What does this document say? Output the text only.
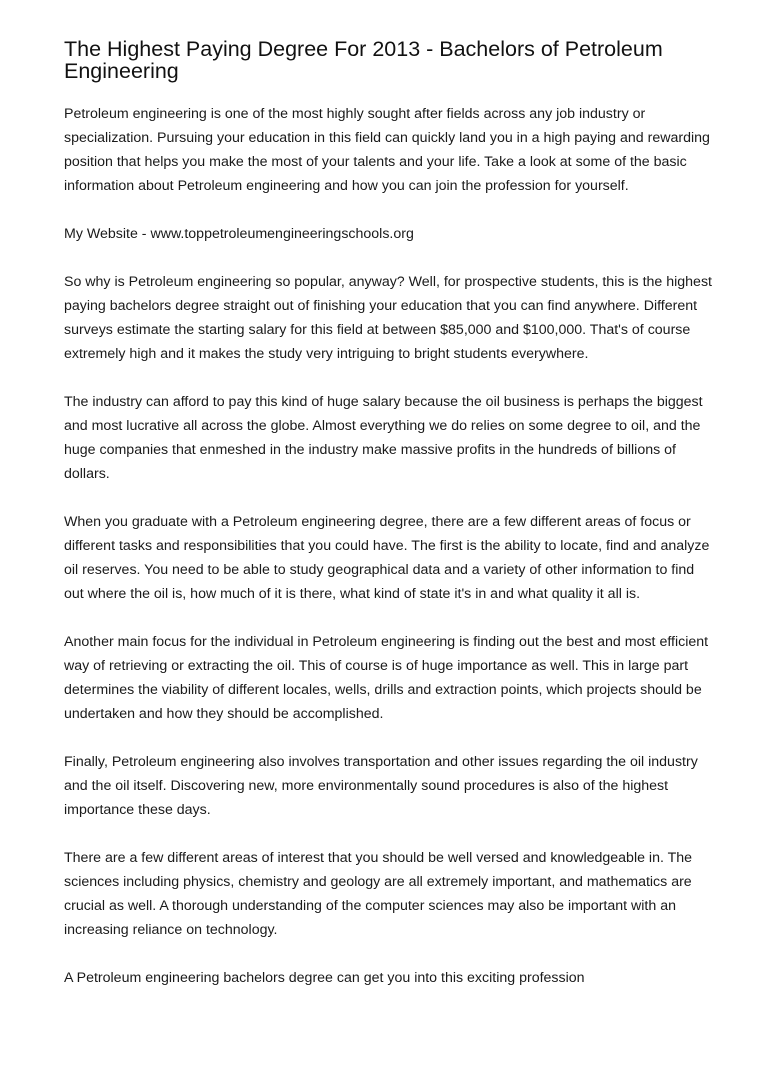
The Highest Paying Degree For 2013 - Bachelors of Petroleum Engineering

Petroleum engineering is one of the most highly sought after fields across any job industry or specialization. Pursuing your education in this field can quickly land you in a high paying and rewarding position that helps you make the most of your talents and your life. Take a look at some of the basic information about Petroleum engineering and how you can join the profession for yourself.

My Website - www.toppetroleumengineeringschools.org

So why is Petroleum engineering so popular, anyway? Well, for prospective students, this is the highest paying bachelors degree straight out of finishing your education that you can find anywhere. Different surveys estimate the starting salary for this field at between $85,000 and $100,000. That's of course extremely high and it makes the study very intriguing to bright students everywhere.

The industry can afford to pay this kind of huge salary because the oil business is perhaps the biggest and most lucrative all across the globe. Almost everything we do relies on some degree to oil, and the huge companies that enmeshed in the industry make massive profits in the hundreds of billions of dollars.

When you graduate with a Petroleum engineering degree, there are a few different areas of focus or different tasks and responsibilities that you could have. The first is the ability to locate, find and analyze oil reserves. You need to be able to study geographical data and a variety of other information to find out where the oil is, how much of it is there, what kind of state it's in and what quality it all is.

Another main focus for the individual in Petroleum engineering is finding out the best and most efficient way of retrieving or extracting the oil. This of course is of huge importance as well. This in large part determines the viability of different locales, wells, drills and extraction points, which projects should be undertaken and how they should be accomplished.

Finally, Petroleum engineering also involves transportation and other issues regarding the oil industry and the oil itself. Discovering new, more environmentally sound procedures is also of the highest importance these days.

There are a few different areas of interest that you should be well versed and knowledgeable in. The sciences including physics, chemistry and geology are all extremely important, and mathematics are crucial as well. A thorough understanding of the computer sciences may also be important with an increasing reliance on technology.

A Petroleum engineering bachelors degree can get you into this exciting profession
